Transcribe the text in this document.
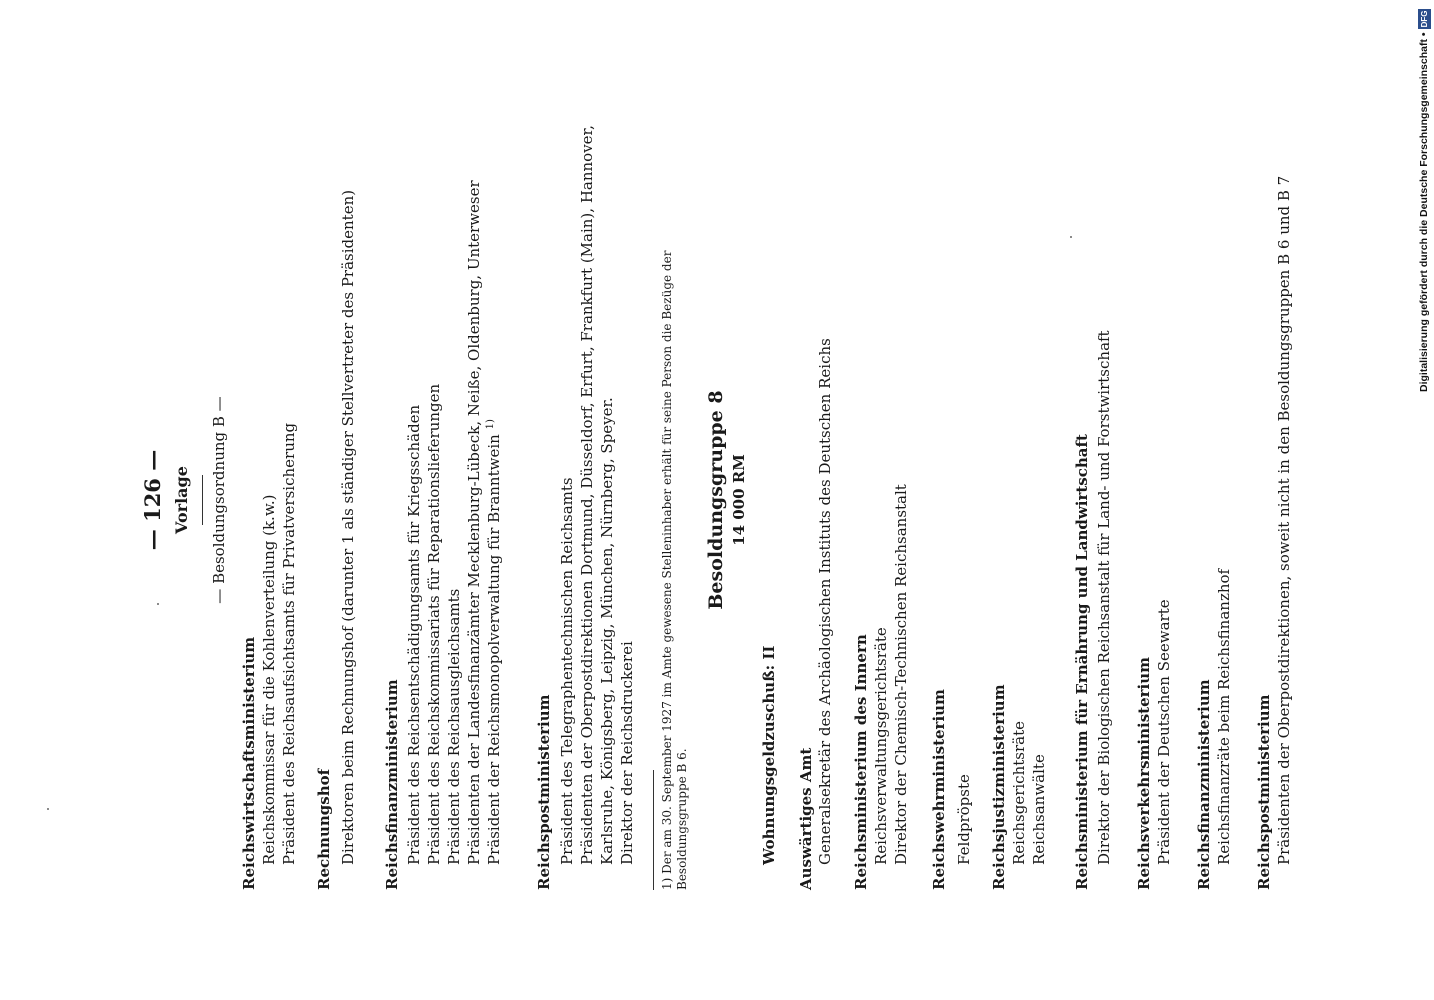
— 126 — Vorlage — Besoldungsordnung B —
Reichswirtschaftsministerium Reichskommissar für die Kohlenverteilung (k.w.) Präsident des Reichsaufsichtsamts für Privatversicherung Rechnungshof Direktoren beim Rechnungshof (darunter 1 als ständiger Stellvertreter des Präsidenten) Reichsfinanzministerium Präsident des Reichsentschädigungsamts für Kriegsschäden Präsident des Reichskommissariats für Reparationslieferungen Präsident des Reichsausgleichsamts Präsidenten der Landesfinanzämter Mecklenburg-Lübeck, Neiße, Oldenburg, Unterweser Präsident der Reichsmonopolverwaltung für Branntwein $^{1)}$
Reichspostministerium Präsident des Telegraphentechnischen Reichsamts Präsidenten der Oberpostdirektionen Dortmund, Düsseldorf, Erfurt, Frankfurt (Main), Hannover, Karlsruhe, Königsberg, Leipzig, München, Nürnberg, Speyer. Direktor der Reichsdruckerei 1) Der am 30. September 1927 im Amte gewesene Stelleninhaber erhält für seine Person die Bezüge der Besoldungsgruppe B 6.
Besoldungsgruppe 8 14 000 RM
Wohnungsgeldzuschuß: II Auswärtiges Amt Generalsekretär des Archäologischen Instituts des Deutschen Reichs Reichsministerium des Innern Reichsverwaltungsgerichtsräte Direktor der Chemisch-Technischen Reichsanstalt Reichswehrministerium Feldpröpste Reichsjustizministerium Reichsgerichtsräte Reichsanwälte Reichsministerium für Ernährung und Landwirtschaft Direktor der Biologischen Reichsanstalt für Land- und Forstwirtschaft Reichsverkehrsministerium Präsident der Deutschen Seewarte Reichsfinanzministerium Reichsfinanzräte beim Reichsfinanzhof Reichspostministerium Präsidenten der Oberpostdirektionen, soweit nicht in den Besoldungsgruppen B 6 und B 7	Digitalisierung gefördert durch die Deutsche Forschungsgemeinschaft •
DFG
